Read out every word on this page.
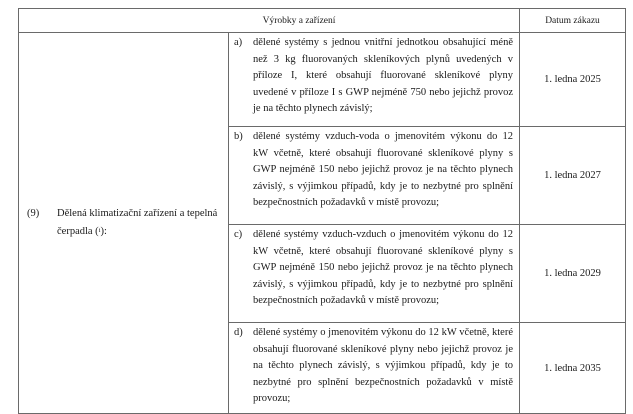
Výrobky a zařízení		Datum zákazu

(9) Dělená klimatizační zařízení a tepelná čerpadla ($^i$):	a) dělené systémy s jednou vnitřní jednotkou obsahující méně než 3 kg fluorovaných skleníkových plynů uvedených v příloze I, které obsahují fluorované skleníkové plyny uvedené v příloze I s GWP nejméně 750 nebo jejichž provoz je na těchto plynech závislý;	1. ledna 2025

	b) dělené systémy vzduch-voda o jmenovitém výkonu do 12 kW včetně, které obsahují fluorované skleníkové plyny s GWP nejméně 150 nebo jejichž provoz je na těchto plynech závislý, s výjimkou případů, kdy je to nezbytné pro splnění bezpečnostních požadavků v místě provozu;	1. ledna 2027

	c) dělené systémy vzduch-vzduch o jmenovitém výkonu do 12 kW včetně, které obsahují fluorované skleníkové plyny s GWP nejméně 150 nebo jejichž provoz je na těchto plynech závislý, s výjimkou případů, kdy je to nezbytné pro splnění bezpečnostních požadavků v místě provozu;	1. ledna 2029

	d) dělené systémy o jmenovitém výkonu do 12 kW včetně, které obsahují fluorované skleníkové plyny nebo jejichž provoz je na těchto plynech závislý, s výjimkou případů, kdy je to nezbytné pro splnění bezpečnostních požadavků v místě provozu;	1. ledna 2035
